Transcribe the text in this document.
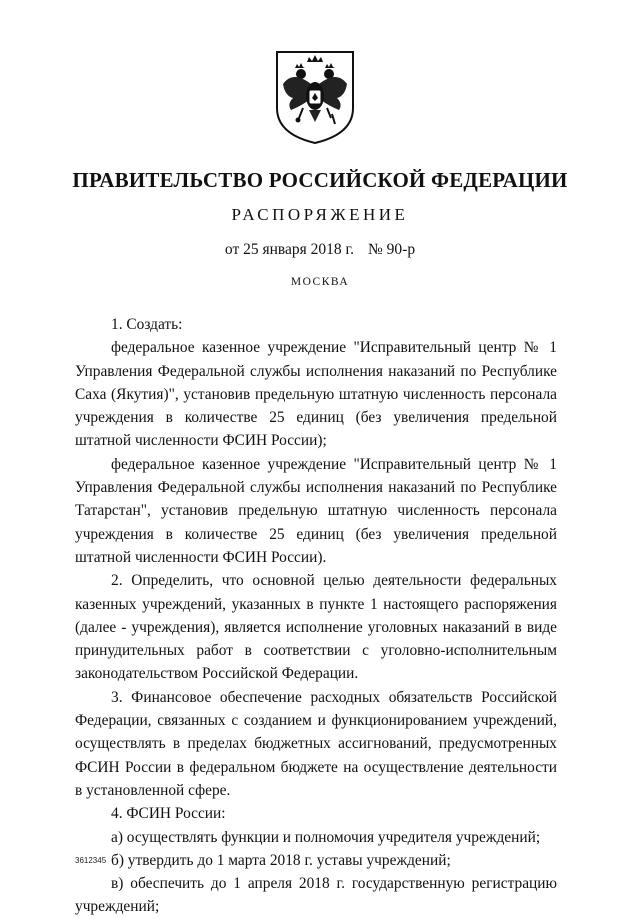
ПРАВИТЕЛЬСТВО РОССИЙСКОЙ ФЕДЕРАЦИИ
РАСПОРЯЖЕНИЕ
от 25 января 2018 г. № 90-р
МОСКВА

1. Создать:

федеральное казенное учреждение "Исправительный центр № 1 Управления Федеральной службы исполнения наказаний по Республике Саха (Якутия)", установив предельную штатную численность персонала учреждения в количестве 25 единиц (без увеличения предельной штатной численности ФСИН России);

федеральное казенное учреждение "Исправительный центр № 1 Управления Федеральной службы исполнения наказаний по Республике Татарстан", установив предельную штатную численность персонала учреждения в количестве 25 единиц (без увеличения предельной штатной численности ФСИН России).

2. Определить, что основной целью деятельности федеральных казенных учреждений, указанных в пункте 1 настоящего распоряжения (далее - учреждения), является исполнение уголовных наказаний в виде принудительных работ в соответствии с уголовно-исполнительным законодательством Российской Федерации.

3. Финансовое обеспечение расходных обязательств Российской Федерации, связанных с созданием и функционированием учреждений, осуществлять в пределах бюджетных ассигнований, предусмотренных ФСИН России в федеральном бюджете на осуществление деятельности в установленной сфере.

4. ФСИН России:

а) осуществлять функции и полномочия учредителя учреждений;

б) утвердить до 1 марта 2018 г. уставы учреждений;

в) обеспечить до 1 апреля 2018 г. государственную регистрацию учреждений;

3612345
